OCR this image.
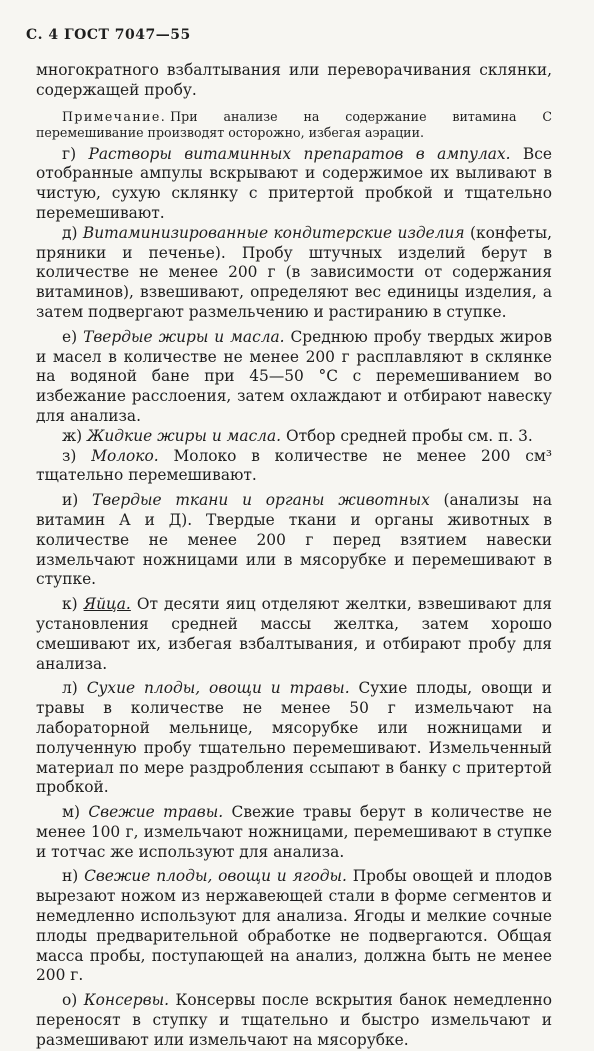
С. 4 ГОСТ 7047—55

многократного взбалтывания или переворачивания склянки, содержащей пробу.

Примечание. При анализе на содержание витамина С перемешивание производят осторожно, избегая аэрации.

г) Растворы витаминных препаратов в ампулах. Все отобранные ампулы вскрывают и содержимое их выливают в чистую, сухую склянку с притертой пробкой и тщательно перемешивают.

д) Витаминизированные кондитерские изделия (конфеты, пряники и печенье). Пробу штучных изделий берут в количестве не менее 200 г (в зависимости от содержания витаминов), взвешивают, определяют вес единицы изделия, а затем подвергают размельчению и растиранию в ступке.

е) Твердые жиры и масла. Среднюю пробу твердых жиров и масел в количестве не менее 200 г расплавляют в склянке на водяной бане при 45—50 °С с перемешиванием во избежание расслоения, затем охлаждают и отбирают навеску для анализа.

ж) Жидкие жиры и масла. Отбор средней пробы см. п. 3.

з) Молоко. Молоко в количестве не менее 200 см³ тщательно перемешивают.

и) Твердые ткани и органы животных (анализы на витамин А и Д). Твердые ткани и органы животных в количестве не менее 200 г перед взятием навески измельчают ножницами или в мясорубке и перемешивают в ступке.

к) Яйца. От десяти яиц отделяют желтки, взвешивают для установления средней массы желтка, затем хорошо смешивают их, избегая взбалтывания, и отбирают пробу для анализа.

л) Сухие плоды, овощи и травы. Сухие плоды, овощи и травы в количестве не менее 50 г измельчают на лабораторной мельнице, мясорубке или ножницами и полученную пробу тщательно перемешивают. Измельченный материал по мере раздробления ссыпают в банку с притертой пробкой.

м) Свежие травы. Свежие травы берут в количестве не менее 100 г, измельчают ножницами, перемешивают в ступке и тотчас же используют для анализа.

н) Свежие плоды, овощи и ягоды. Пробы овощей и плодов вырезают ножом из нержавеющей стали в форме сегментов и немедленно используют для анализа. Ягоды и мелкие сочные плоды предварительной обработке не подвергаются. Общая масса пробы, поступающей на анализ, должна быть не менее 200 г.

о) Консервы. Консервы после вскрытия банок немедленно переносят в ступку и тщательно и быстро измельчают и размешивают или измельчают на мясорубке.
